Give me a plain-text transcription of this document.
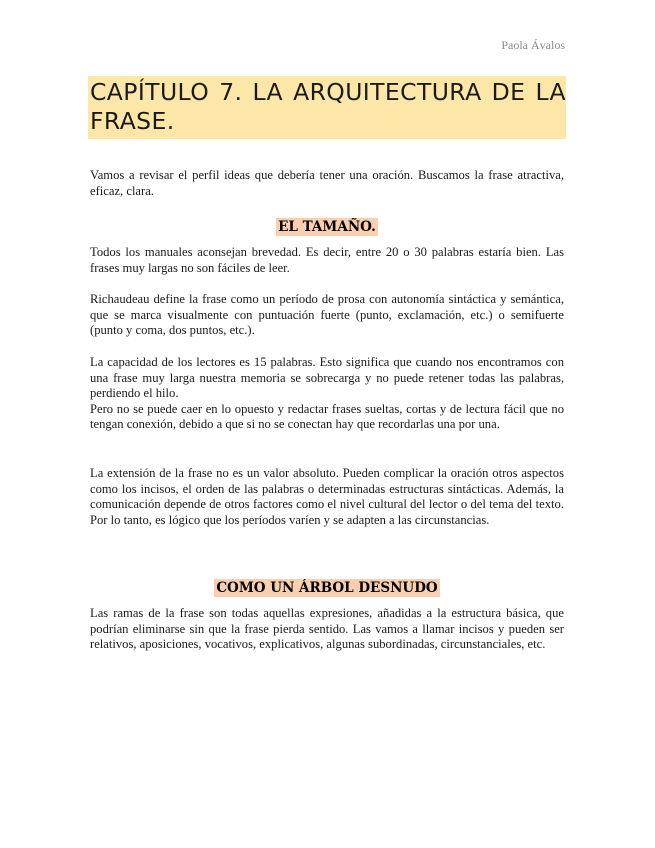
Paola Ávalos
CAPÍTULO 7. LA ARQUITECTURA DE LA FRASE.

Vamos a revisar el perfil ideas que debería tener una oración. Buscamos la frase atractiva, eficaz, clara.

EL TAMAÑO.

Todos los manuales aconsejan brevedad. Es decir, entre 20 o 30 palabras estaría bien. Las frases muy largas no son fáciles de leer.

Richaudeau define la frase como un período de prosa con autonomía sintáctica y semántica, que se marca visualmente con puntuación fuerte (punto, exclamación, etc.) o semifuerte (punto y coma, dos puntos, etc.).

La capacidad de los lectores es 15 palabras. Esto significa que cuando nos encontramos con una frase muy larga nuestra memoria se sobrecarga y no puede retener todas las palabras, perdiendo el hilo.

Pero no se puede caer en lo opuesto y redactar frases sueltas, cortas y de lectura fácil que no tengan conexión, debido a que si no se conectan hay que recordarlas una por una.

La extensión de la frase no es un valor absoluto. Pueden complicar la oración otros aspectos como los incisos, el orden de las palabras o determinadas estructuras sintácticas. Además, la comunicación depende de otros factores como el nivel cultural del lector o del tema del texto. Por lo tanto, es lógico que los períodos varíen y se adapten a las circunstancias.

COMO UN ÁRBOL DESNUDO

Las ramas de la frase son todas aquellas expresiones, añadidas a la estructura básica, que podrían eliminarse sin que la frase pierda sentido. Las vamos a llamar incisos y pueden ser relativos, aposiciones, vocativos, explicativos, algunas subordinadas, circunstanciales, etc.
